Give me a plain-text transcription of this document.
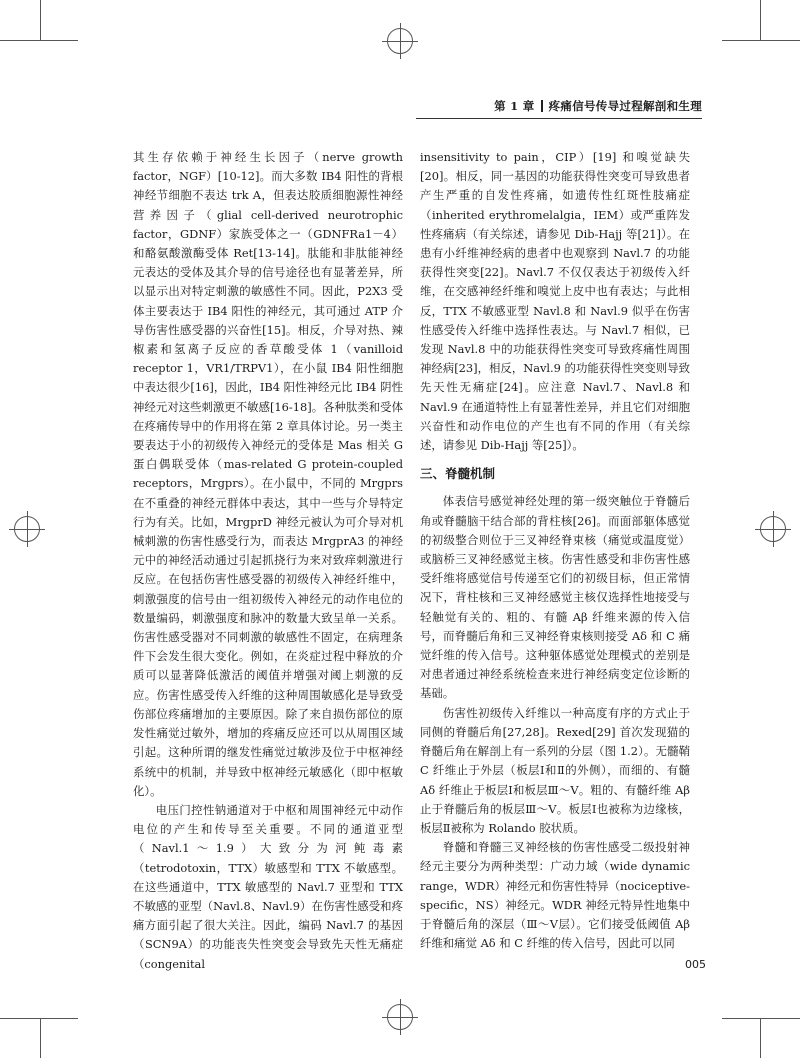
第 1 章 疼痛信号传导过程解剖和生理

其生存依赖于神经生长因子（nerve growth factor，NGF）[10-12]。而大多数 IB4 阳性的背根神经节细胞不表达 trk A，但表达胶质细胞源性神经营养因子（glial cell-derived neurotrophic factor，GDNF）家族受体之一（GDNFRa1－4）和酪氨酸激酶受体 Ret[13-14]。肽能和非肽能神经元表达的受体及其介导的信号途径也有显著差异，所以显示出对特定刺激的敏感性不同。因此，P2X3 受体主要表达于 IB4 阳性的神经元，其可通过 ATP 介导伤害性感受器的兴奋性[15]。相反，介导对热、辣椒素和氢离子反应的香草酸受体 1（vanilloid receptor 1，VR1/TRPV1），在小鼠 IB4 阳性细胞中表达很少[16]，因此，IB4 阳性神经元比 IB4 阴性神经元对这些刺激更不敏感[16-18]。各种肽类和受体在疼痛传导中的作用将在第 2 章具体讨论。另一类主要表达于小的初级传入神经元的受体是 Mas 相关 G 蛋白偶联受体（mas-related G protein-coupled receptors，Mrgprs）。在小鼠中，不同的 Mrgprs 在不重叠的神经元群体中表达，其中一些与介导特定行为有关。比如，MrgprD 神经元被认为可介导对机械刺激的伤害性感受行为，而表达 MrgprA3 的神经元中的神经活动通过引起抓挠行为来对致痒刺激进行反应。在包括伤害性感受器的初级传入神经纤维中，刺激强度的信号由一组初级传入神经元的动作电位的数量编码，刺激强度和脉冲的数量大致呈单一关系。伤害性感受器对不同刺激的敏感性不固定，在病理条件下会发生很大变化。例如，在炎症过程中释放的介质可以显著降低激活的阈值并增强对阈上刺激的反应。伤害性感受传入纤维的这种周围敏感化是导致受伤部位疼痛增加的主要原因。除了来自损伤部位的原发性痛觉过敏外，增加的疼痛反应还可以从周围区域引起。这种所谓的继发性痛觉过敏涉及位于中枢神经系统中的机制，并导致中枢神经元敏感化（即中枢敏化）。

电压门控性钠通道对于中枢和周围神经元中动作电位的产生和传导至关重要。不同的通道亚型（Navl.1～1.9）大致分为河鲀毒素（tetrodotoxin，TTX）敏感型和 TTX 不敏感型。在这些通道中，TTX 敏感型的 Navl.7 亚型和 TTX 不敏感的亚型（Navl.8、Navl.9）在伤害性感受和疼痛方面引起了很大关注。因此，编码 Navl.7 的基因（SCN9A）的功能丧失性突变会导致先天性无痛症（congenital

insensitivity to pain，CIP）[19] 和嗅觉缺失[20]。相反，同一基因的功能获得性突变可导致患者产生严重的自发性疼痛，如遗传性红斑性肢痛症（inherited erythromelalgia，IEM）或严重阵发性疼痛病（有关综述，请参见 Dib-Hajj 等[21]）。在患有小纤维神经病的患者中也观察到 Navl.7 的功能获得性突变[22]。Navl.7 不仅仅表达于初级传入纤维，在交感神经纤维和嗅觉上皮中也有表达；与此相反，TTX 不敏感亚型 Navl.8 和 Navl.9 似乎在伤害性感受传入纤维中选择性表达。与 Navl.7 相似，已发现 Navl.8 中的功能获得性突变可导致疼痛性周围神经病[23]，相反，Navl.9 的功能获得性突变则导致先天性无痛症[24]。应注意 Navl.7、Navl.8 和 Navl.9 在通道特性上有显著性差异，并且它们对细胞兴奋性和动作电位的产生也有不同的作用（有关综述，请参见 Dib-Hajj 等[25]）。

三、脊髓机制

体表信号感觉神经处理的第一级突触位于脊髓后角或脊髓脑干结合部的背柱核[26]。而面部躯体感觉的初级整合则位于三叉神经脊束核（痛觉或温度觉）或脑桥三叉神经感觉主核。伤害性感受和非伤害性感受纤维将感觉信号传递至它们的初级目标，但正常情况下，背柱核和三叉神经感觉主核仅选择性地接受与轻触觉有关的、粗的、有髓 Aβ 纤维来源的传入信号，而脊髓后角和三叉神经脊束核则接受 Aδ 和 C 痛觉纤维的传入信号。这种躯体感觉处理模式的差别是对患者通过神经系统检查来进行神经病变定位诊断的基础。

伤害性初级传入纤维以一种高度有序的方式止于同侧的脊髓后角[27,28]。Rexed[29] 首次发现猫的脊髓后角在解剖上有一系列的分层（图 1.2）。无髓鞘 C 纤维止于外层（板层Ⅰ和Ⅱ的外侧），而细的、有髓 Aδ 纤维止于板层Ⅰ和板层Ⅲ～Ⅴ。粗的、有髓纤维 Aβ 止于脊髓后角的板层Ⅲ～Ⅴ。板层Ⅰ也被称为边缘核，板层Ⅱ被称为 Rolando 胶状质。

脊髓和脊髓三叉神经核的伤害性感受二级投射神经元主要分为两种类型：广动力域（wide dynamic range，WDR）神经元和伤害性特异（nociceptive-specific，NS）神经元。WDR 神经元特异性地集中于脊髓后角的深层（Ⅲ～Ⅴ层）。它们接受低阈值 Aβ 纤维和痛觉 Aδ 和 C 纤维的传入信号，因此可以同

005
